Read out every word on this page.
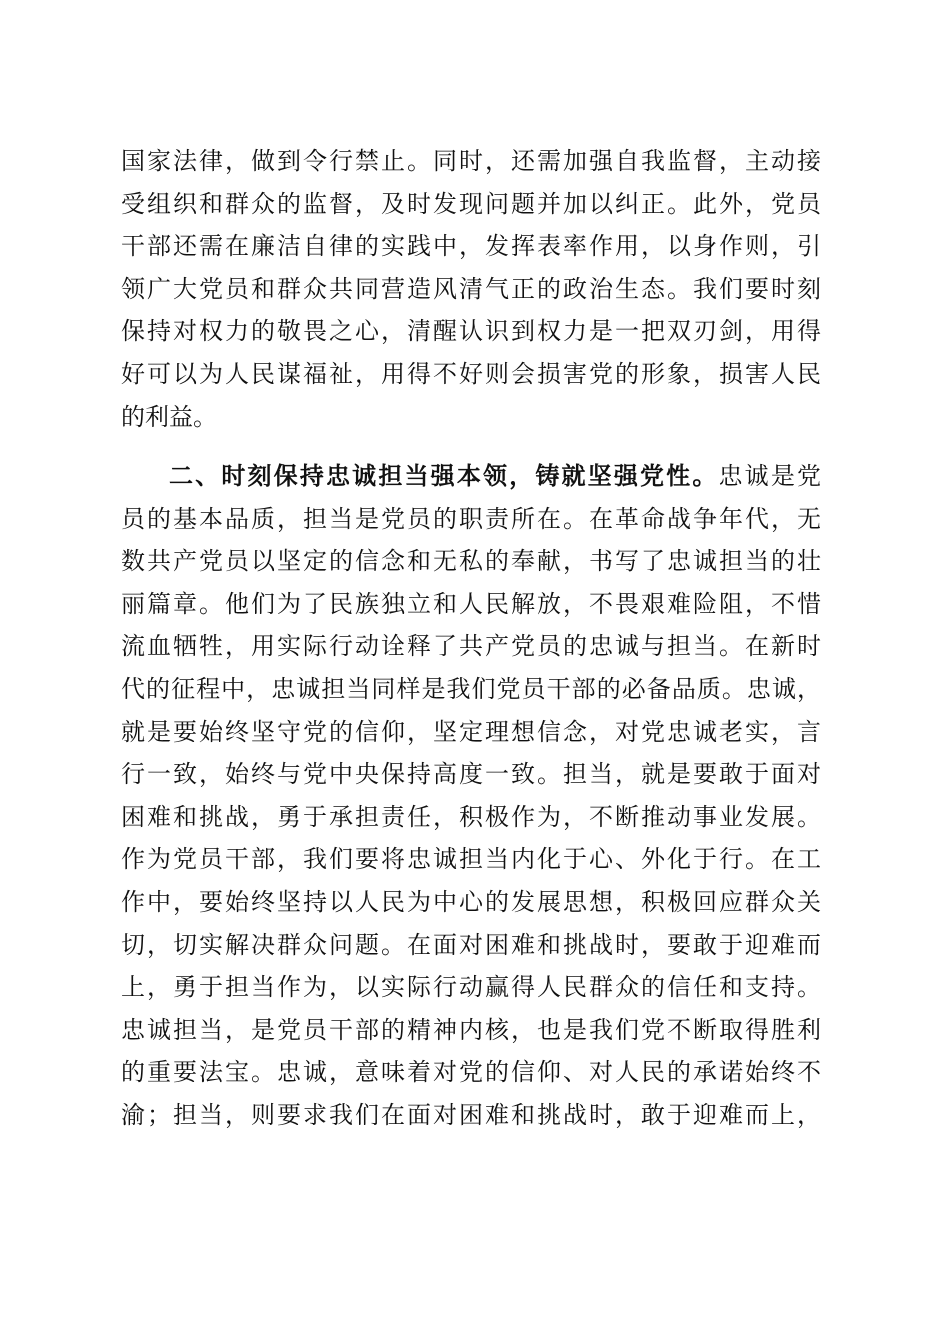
国家法律，做到令行禁止。同时，还需加强自我监督，主动接
受组织和群众的监督，及时发现问题并加以纠正。此外，党员
干部还需在廉洁自律的实践中，发挥表率作用，以身作则，引
领广大党员和群众共同营造风清气正的政治生态。我们要时刻
保持对权力的敬畏之心，清醒认识到权力是一把双刃剑，用得
好可以为人民谋福祉，用得不好则会损害党的形象，损害人民
的利益。
二、时刻保持忠诚担当强本领，铸就坚强党性。忠诚是党
员的基本品质，担当是党员的职责所在。在革命战争年代，无
数共产党员以坚定的信念和无私的奉献，书写了忠诚担当的壮
丽篇章。他们为了民族独立和人民解放，不畏艰难险阻，不惜
流血牺牲，用实际行动诠释了共产党员的忠诚与担当。在新时
代的征程中，忠诚担当同样是我们党员干部的必备品质。忠诚，
就是要始终坚守党的信仰，坚定理想信念，对党忠诚老实，言
行一致，始终与党中央保持高度一致。担当，就是要敢于面对
困难和挑战，勇于承担责任，积极作为，不断推动事业发展。
作为党员干部，我们要将忠诚担当内化于心、外化于行。在工
作中，要始终坚持以人民为中心的发展思想，积极回应群众关
切，切实解决群众问题。在面对困难和挑战时，要敢于迎难而
上，勇于担当作为，以实际行动赢得人民群众的信任和支持。
忠诚担当，是党员干部的精神内核，也是我们党不断取得胜利
的重要法宝。忠诚，意味着对党的信仰、对人民的承诺始终不
渝；担当，则要求我们在面对困难和挑战时，敢于迎难而上，
